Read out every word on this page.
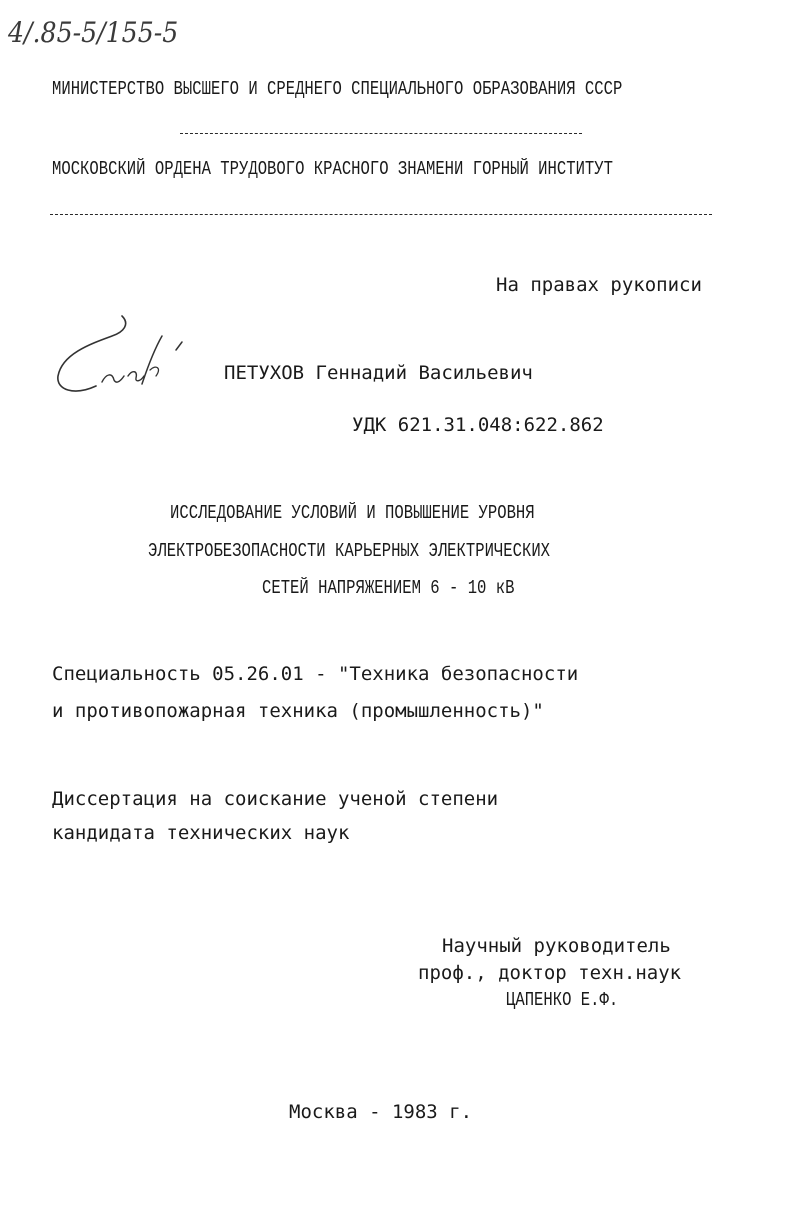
4/.85-5/155-5
МИНИСТЕРСТВО ВЫСШЕГО И СРЕДНЕГО СПЕЦИАЛЬНОГО ОБРАЗОВАНИЯ СССР
МОСКОВСКИЙ ОРДЕНА ТРУДОВОГО КРАСНОГО ЗНАМЕНИ ГОРНЫЙ ИНСТИТУТ
На правах рукописи
ПЕТУХОВ Геннадий Васильевич
УДК 621.31.048:622.862
ИССЛЕДОВАНИЕ УСЛОВИЙ И ПОВЫШЕНИЕ УРОВНЯ
ЭЛЕКТРОБЕЗОПАСНОСТИ КАРЬЕРНЫХ ЭЛЕКТРИЧЕСКИХ
СЕТЕЙ НАПРЯЖЕНИЕМ 6 - 10 кВ
Специальность 05.26.01 - "Техника безопасности
и противопожарная техника (промышленность)"
Диссертация на соискание ученой степени
кандидата технических наук
Научный руководитель
проф., доктор техн.наук
ЦАПЕНКО Е.Ф.
Москва - 1983 г.
